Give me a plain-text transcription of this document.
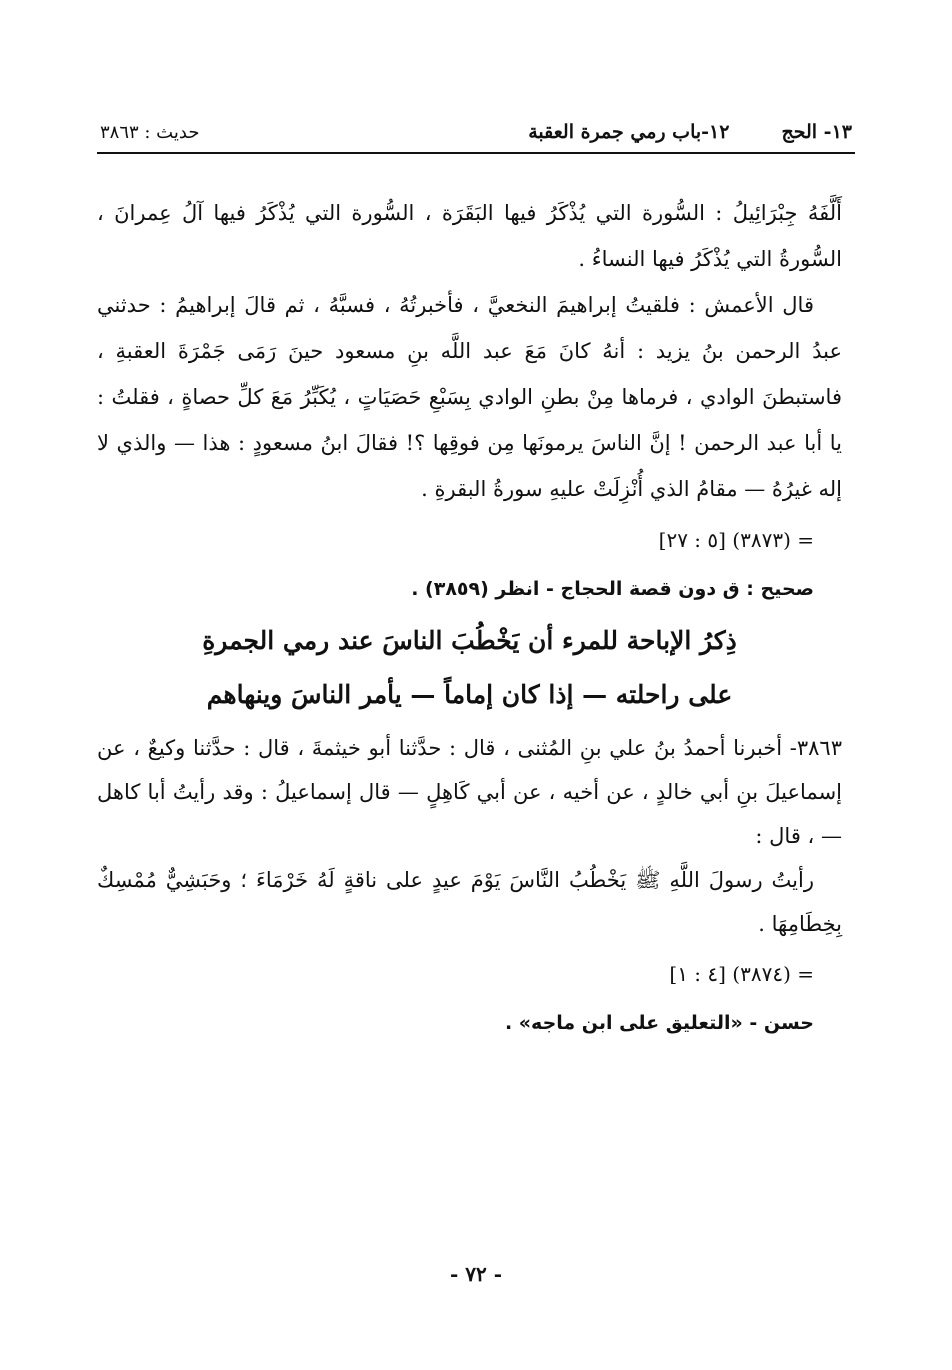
١٣- الحج
١٢-باب رمي جمرة العقبة
حديث : ٣٨٦٣

أَلَّفَهُ جِبْرَائِيلُ : السُّورة التي يُذْكَرُ فيها البَقَرَة ، السُّورة التي يُذْكَرُ فيها آلُ عِمرانَ ، السُّورةُ التي يُذْكَرُ فيها النساءُ .

قال الأعمش : فلقيتُ إبراهيمَ النخعيَّ ، فأخبرتُهُ ، فسبَّهُ ، ثم قالَ إبراهيمُ : حدثني عبدُ الرحمن بنُ يزيد : أنهُ كانَ مَعَ عبد اللَّه بنِ مسعود حينَ رَمَى جَمْرَةَ العقبةِ ، فاستبطنَ الوادي ، فرماها مِنْ بطنِ الوادي بِسَبْعِ حَصَيَاتٍ ، يُكَبِّرُ مَعَ كلِّ حصاةٍ ، فقلتُ : يا أبا عبد الرحمن ! إنَّ الناسَ يرمونَها مِن فوقِها ؟! فقالَ ابنُ مسعودٍ : هذا — والذي لا إله غيرُهُ — مقامُ الذي أُنْزِلَتْ عليهِ سورةُ البقرةِ .

= (٣٨٧٣) [٥ : ٢٧]

صحيح : ق دون قصة الحجاج - انظر (٣٨٥٩) .

ذِكرُ الإباحة للمرء أن يَخْطُبَ الناسَ عند رمي الجمرةِ
على راحلته — إذا كان إماماً — يأمر الناسَ وينهاهم

٣٨٦٣- أخبرنا أحمدُ بنُ علي بنِ المُثنى ، قال : حدَّثنا أبو خيثمةَ ، قال : حدَّثنا وكيعٌ ، عن إسماعيلَ بنِ أبي خالدٍ ، عن أخيه ، عن أبي كَاهِلٍ — قال إسماعيلُ : وقد رأيتُ أبا كاهل — ، قال :

رأيتُ رسولَ اللَّهِ ﷺ يَخْطُبُ النَّاسَ يَوْمَ عيدٍ على ناقةٍ لَهُ خَرْمَاءَ ؛ وحَبَشِيٌّ مُمْسِكٌ بِخِطَامِهَا .

= (٣٨٧٤) [٤ : ١]

حسن - «التعليق على ابن ماجه» .

- ٧٢ -
